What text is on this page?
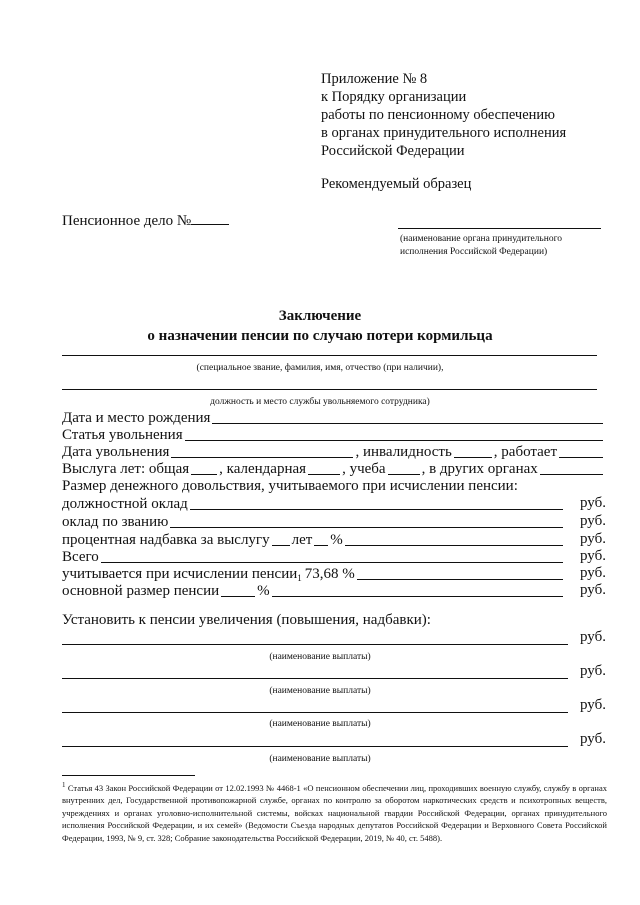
Приложение № 8
к Порядку организации
работы по пенсионному обеспечению
в органах принудительного исполнения
Российской Федерации
Рекомендуемый образец
Пенсионное дело №
(наименование органа принудительного исполнения Российской Федерации)
Заключение
о назначении пенсии по случаю потери кормильца
(специальное звание, фамилия, имя, отчество (при наличии),
должность и место службы увольняемого сотрудника)
Дата и место рождения
Статья увольнения
Дата увольнения	, инвалидность	, работает
Выслуга лет: общая , календарная , учеба , в других органах
Размер денежного довольствия, учитываемого при исчислении пенсии:
должностной оклад	руб.
оклад по званию	руб.
процентная надбавка за выслугу лет %	руб.
Всего	руб.
учитывается при исчислении пенсии$_1$ 73,68 %	руб.
основной размер пенсии	%	руб.
Установить к пенсии увеличения (повышения, надбавки):
руб.
(наименование выплаты)
руб.
(наименование выплаты)
руб.
(наименование выплаты)
руб.
(наименование выплаты)
$^1$ Статья 43 Закон Российской Федерации от 12.02.1993 № 4468-1 «О пенсионном обеспечении лиц, проходивших военную службу, службу в органах внутренних дел, Государственной противопожарной службе, органах по контролю за оборотом наркотических средств и психотропных веществ, учреждениях и органах уголовно-исполнительной системы, войсках национальной гвардии Российской Федерации, органах принудительного исполнения Российской Федерации, и их семей» (Ведомости Съезда народных депутатов Российской Федерации и Верховного Совета Российской Федерации, 1993, № 9, ст. 328; Собрание законодательства Российской Федерации, 2019, № 40, ст. 5488).
